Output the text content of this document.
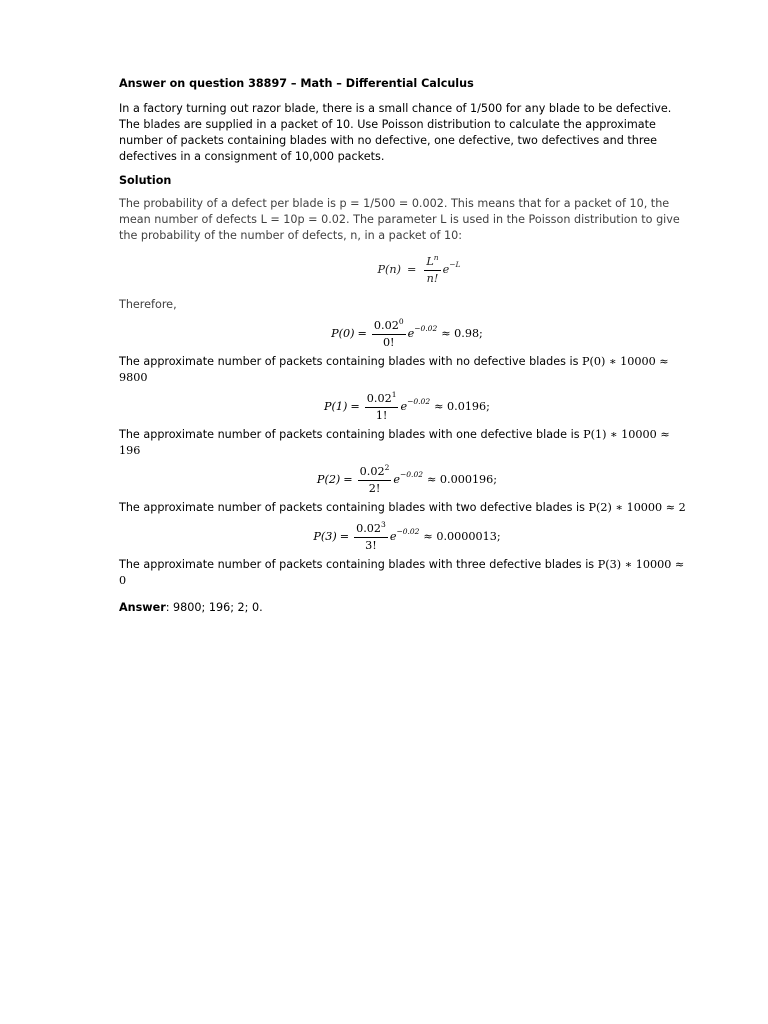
Answer on question 38897 – Math – Differential Calculus

In a factory turning out razor blade, there is a small chance of 1/500 for any blade to be defective. The blades are supplied in a packet of 10. Use Poisson distribution to calculate the approximate number of packets containing blades with no defective, one defective, two defectives and three defectives in a consignment of 10,000 packets.

Solution

The probability of a defect per blade is p = 1/500 = 0.002. This means that for a packet of 10, the mean number of defects L = 10p = 0.02. The parameter L is used in the Poisson distribution to give the probability of the number of defects, n, in a packet of 10:

$P(n) = \frac{L^n}{n!}$ e −L

Therefore,

$P(0) = \frac{0.02^0}{0!}$ e −0.02 ≈ 0.98;

The approximate number of packets containing blades with no defective blades is P(0) ∗ 10000 ≈ 9800

$P(1) = \frac{0.02^1}{1!}$ e −0.02 ≈ 0.0196;

The approximate number of packets containing blades with one defective blade is P(1) ∗ 10000 ≈ 196

$P(2) = \frac{0.02^2}{2!}$ e −0.02 ≈ 0.000196;

The approximate number of packets containing blades with two defective blades is P(2) ∗ 10000 ≈ 2

$P(3) = \frac{0.02^3}{3!}$ e −0.02 ≈ 0.0000013;

The approximate number of packets containing blades with three defective blades is P(3) ∗ 10000 ≈ 0

Answer: 9800; 196; 2; 0.
